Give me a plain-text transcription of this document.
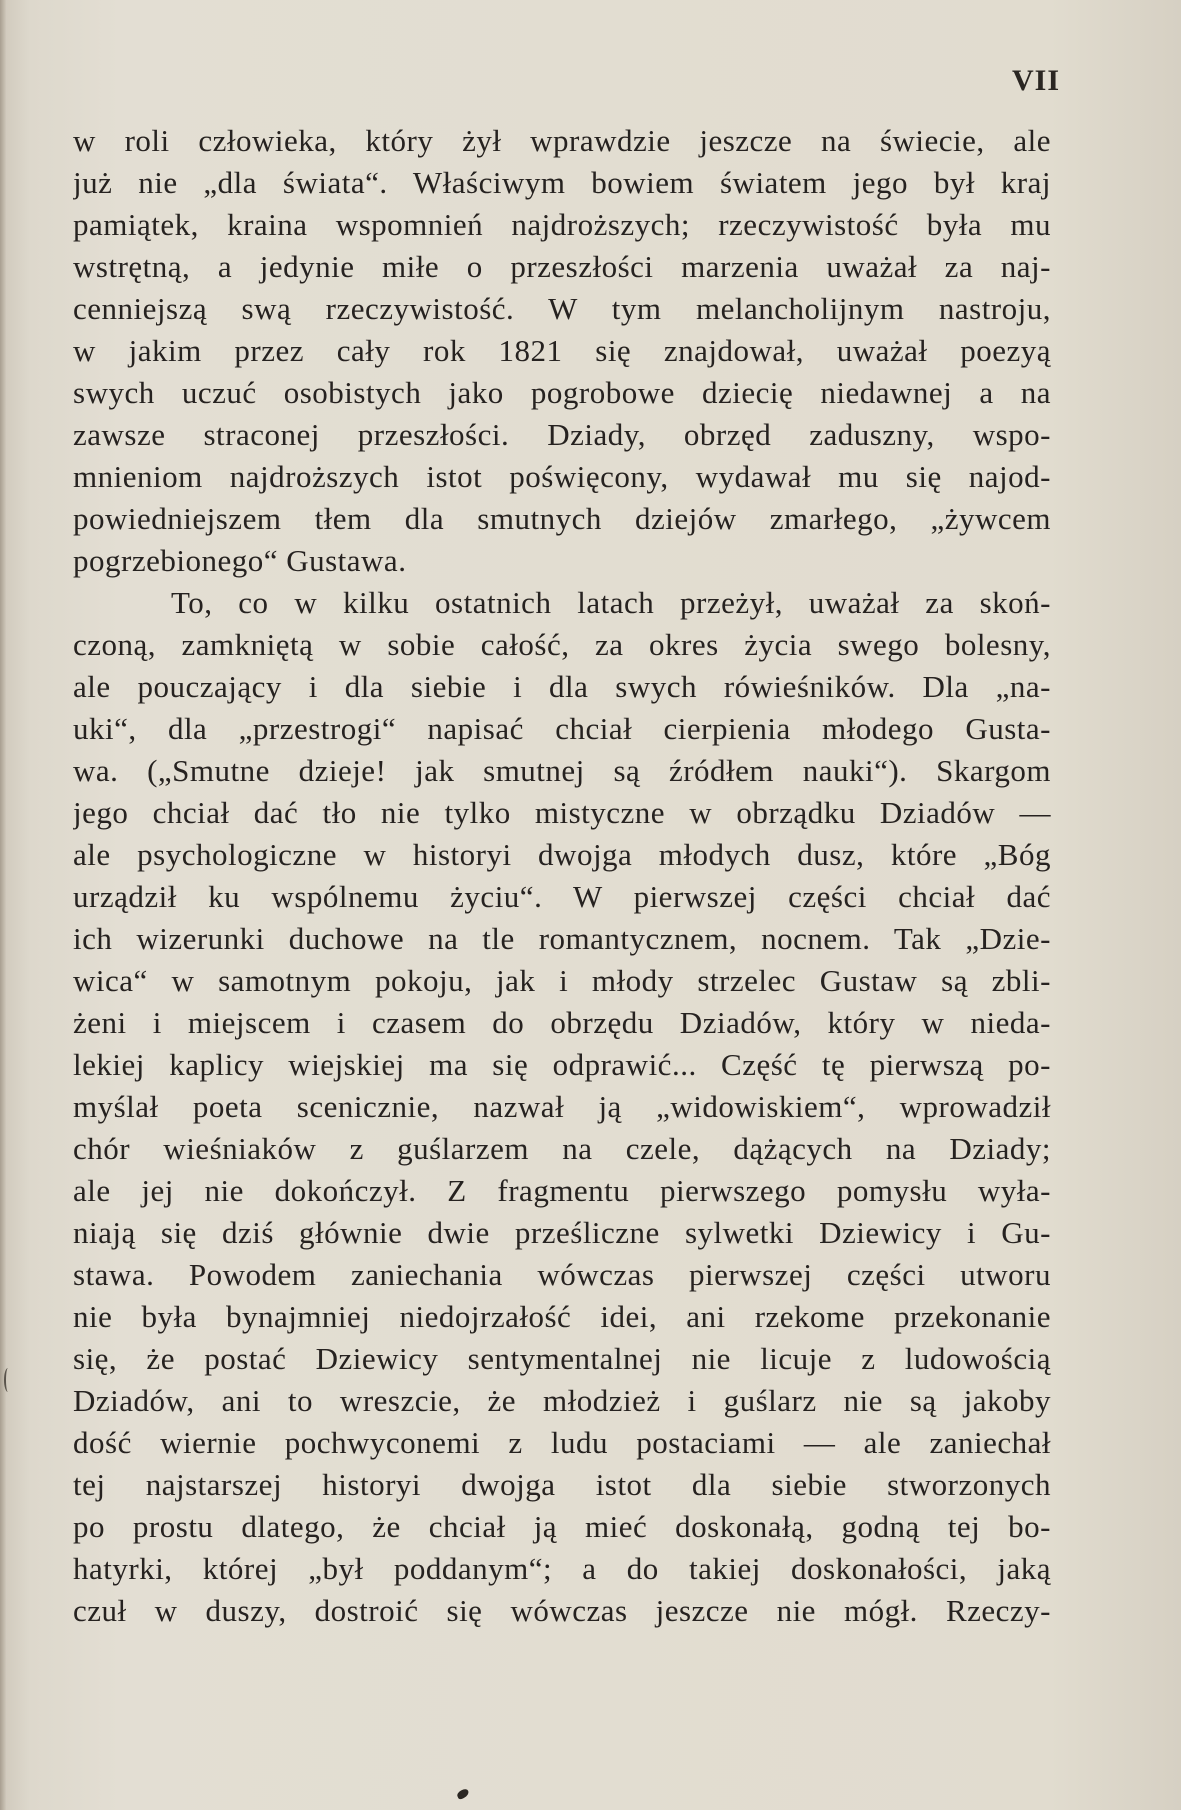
VII
w roli człowieka, który żył wprawdzie jeszcze na świecie, ale
już nie „dla świata“. Właściwym bowiem światem jego był kraj
pamiątek, kraina wspomnień najdroższych; rzeczywistość była mu
wstrętną, a jedynie miłe o przeszłości marzenia uważał za naj-
cenniejszą swą rzeczywistość. W tym melancholijnym nastroju,
w jakim przez cały rok 1821 się znajdował, uważał poezyą
swych uczuć osobistych jako pogrobowe dziecię niedawnej a na
zawsze straconej przeszłości. Dziady, obrzęd zaduszny, wspo-
mnieniom najdroższych istot poświęcony, wydawał mu się najod-
powiedniejszem tłem dla smutnych dziejów zmarłego, „żywcem
pogrzebionego“ Gustawa.
To, co w kilku ostatnich latach przeżył, uważał za skoń-
czoną, zamkniętą w sobie całość, za okres życia swego bolesny,
ale pouczający i dla siebie i dla swych rówieśników. Dla „na-
uki“, dla „przestrogi“ napisać chciał cierpienia młodego Gusta-
wa. („Smutne dzieje! jak smutnej są źródłem nauki“). Skargom
jego chciał dać tło nie tylko mistyczne w obrządku Dziadów —
ale psychologiczne w historyi dwojga młodych dusz, które „Bóg
urządził ku wspólnemu życiu“. W pierwszej części chciał dać
ich wizerunki duchowe na tle romantycznem, nocnem. Tak „Dzie-
wica“ w samotnym pokoju, jak i młody strzelec Gustaw są zbli-
żeni i miejscem i czasem do obrzędu Dziadów, który w nieda-
lekiej kaplicy wiejskiej ma się odprawić... Część tę pierwszą po-
myślał poeta scenicznie, nazwał ją „widowiskiem“, wprowadził
chór wieśniaków z guślarzem na czele, dążących na Dziady;
ale jej nie dokończył. Z fragmentu pierwszego pomysłu wyła-
niają się dziś głównie dwie prześliczne sylwetki Dziewicy i Gu-
stawa. Powodem zaniechania wówczas pierwszej części utworu
nie była bynajmniej niedojrzałość idei, ani rzekome przekonanie
się, że postać Dziewicy sentymentalnej nie licuje z ludowością
Dziadów, ani to wreszcie, że młodzież i guślarz nie są jakoby
dość wiernie pochwyconemi z ludu postaciami — ale zaniechał
tej najstarszej historyi dwojga istot dla siebie stworzonych
po prostu dlatego, że chciał ją mieć doskonałą, godną tej bo-
hatyrki, której „był poddanym“; a do takiej doskonałości, jaką
czuł w duszy, dostroić się wówczas jeszcze nie mógł. Rzeczy-
